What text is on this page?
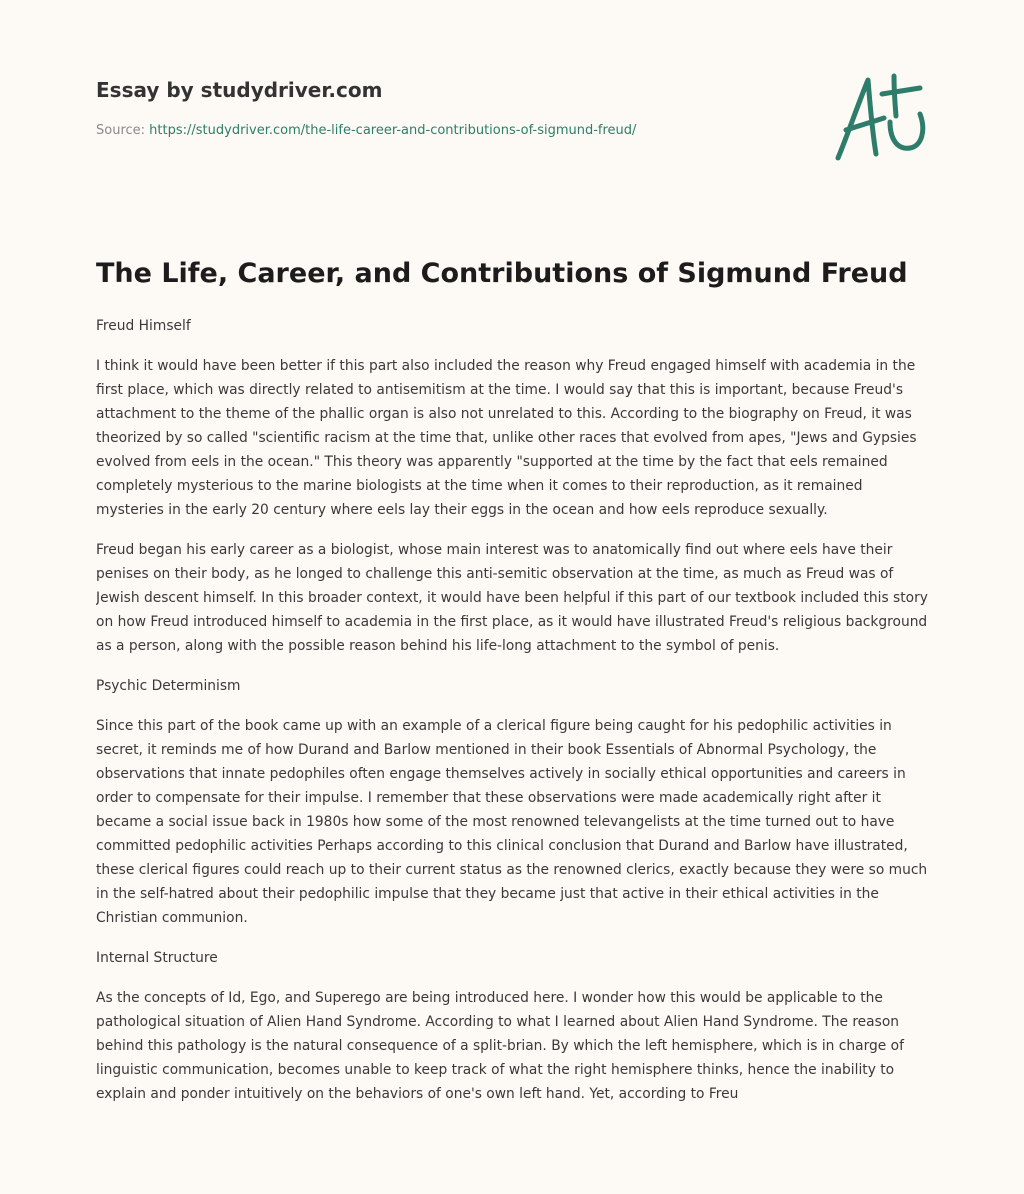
Essay by studydriver.com
Source: https://studydriver.com/the-life-career-and-contributions-of-sigmund-freud/
The Life, Career, and Contributions of Sigmund Freud

Freud Himself

I think it would have been better if this part also included the reason why Freud engaged himself with academia in the first place, which was directly related to antisemitism at the time. I would say that this is important, because Freud's attachment to the theme of the phallic organ is also not unrelated to this. According to the biography on Freud, it was theorized by so called "scientific racism at the time that, unlike other races that evolved from apes, "Jews and Gypsies evolved from eels in the ocean." This theory was apparently "supported at the time by the fact that eels remained completely mysterious to the marine biologists at the time when it comes to their reproduction, as it remained mysteries in the early 20 century where eels lay their eggs in the ocean and how eels reproduce sexually.

Freud began his early career as a biologist, whose main interest was to anatomically find out where eels have their penises on their body, as he longed to challenge this anti-semitic observation at the time, as much as Freud was of Jewish descent himself. In this broader context, it would have been helpful if this part of our textbook included this story on how Freud introduced himself to academia in the first place, as it would have illustrated Freud's religious background as a person, along with the possible reason behind his life-long attachment to the symbol of penis.

Psychic Determinism

Since this part of the book came up with an example of a clerical figure being caught for his pedophilic activities in secret, it reminds me of how Durand and Barlow mentioned in their book Essentials of Abnormal Psychology, the observations that innate pedophiles often engage themselves actively in socially ethical opportunities and careers in order to compensate for their impulse. I remember that these observations were made academically right after it became a social issue back in 1980s how some of the most renowned televangelists at the time turned out to have committed pedophilic activities Perhaps according to this clinical conclusion that Durand and Barlow have illustrated, these clerical figures could reach up to their current status as the renowned clerics, exactly because they were so much in the self-hatred about their pedophilic impulse that they became just that active in their ethical activities in the Christian communion.

Internal Structure

As the concepts of Id, Ego, and Superego are being introduced here. I wonder how this would be applicable to the pathological situation of Alien Hand Syndrome. According to what I learned about Alien Hand Syndrome. The reason behind this pathology is the natural consequence of a split-brian. By which the left hemisphere, which is in charge of linguistic communication, becomes unable to keep track of what the right hemisphere thinks, hence the inability to explain and ponder intuitively on the behaviors of one's own left hand. Yet, according to Freu
